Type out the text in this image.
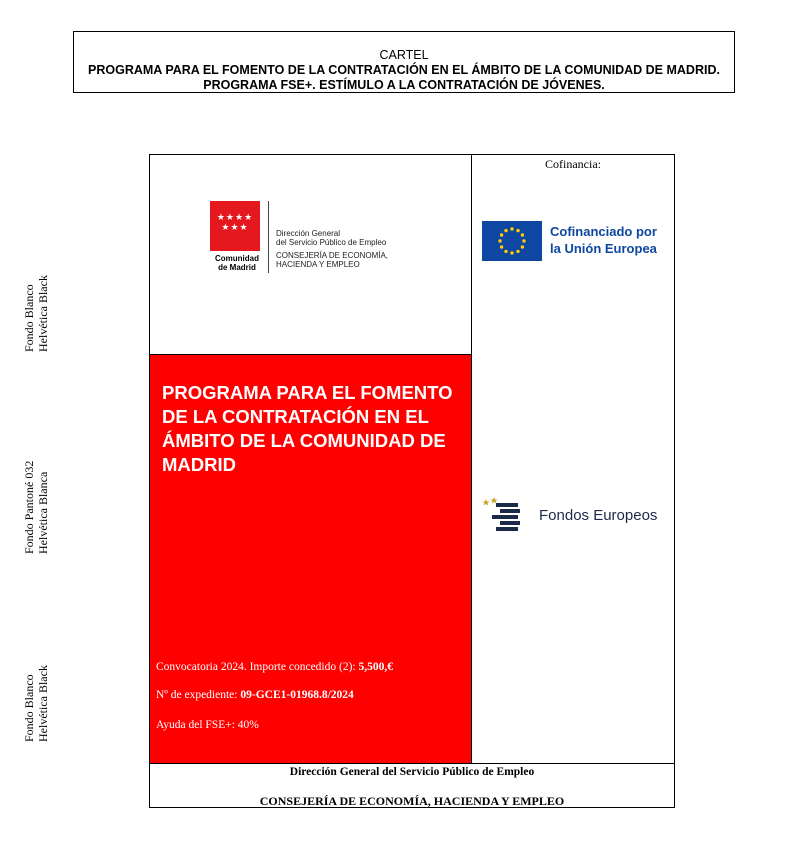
CARTEL
PROGRAMA PARA EL FOMENTO DE LA CONTRATACIÓN EN EL ÁMBITO DE LA COMUNIDAD DE MADRID. PROGRAMA FSE+. ESTÍMULO A LA CONTRATACIÓN DE JÓVENES.
Fondo Blanco
Helvética Black
Fondo Pantoné 032
Helvética Blanca
Fondo Blanco
Helvética Black
★★★★
★★★
Comunidad
de Madrid
Dirección General
del Servicio Público de Empleo
CONSEJERÍA DE ECONOMÍA,
HACIENDA Y EMPLEO
PROGRAMA PARA EL FOMENTO DE LA CONTRATACIÓN EN EL ÁMBITO DE LA COMUNIDAD DE MADRID
Convocatoria 2024. Importe concedido (2): 5,500,€
Nº de expediente: 09-GCE1-01968.8/2024
Ayuda del FSE+: 40%
Cofinancia:
Cofinanciado por
la Unión Europea
Fondos Europeos
Dirección General del Servicio Público de Empleo
CONSEJERÍA DE ECONOMÍA, HACIENDA Y EMPLEO
